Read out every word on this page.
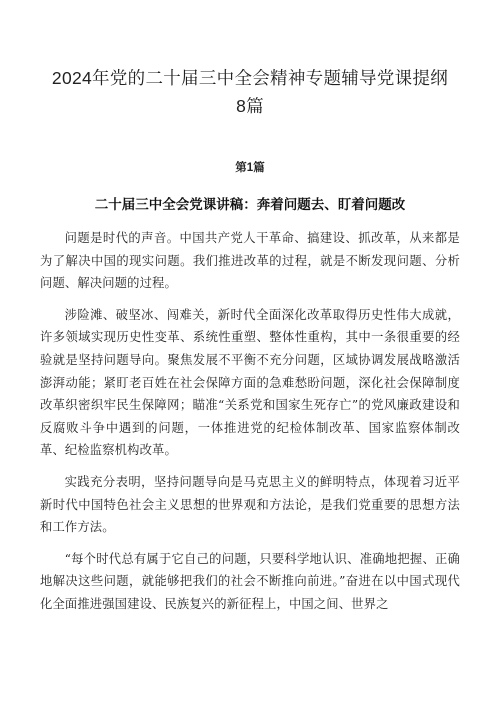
2024年党的二十届三中全会精神专题辅导党课提纲
8篇
第1篇
二十届三中全会党课讲稿：奔着问题去、盯着问题改

问题是时代的声音。中国共产党人干革命、搞建设、抓改革，从来都是为了解决中国的现实问题。我们推进改革的过程，就是不断发现问题、分析问题、解决问题的过程。

涉险滩、破坚冰、闯难关，新时代全面深化改革取得历史性伟大成就，许多领域实现历史性变革、系统性重塑、整体性重构，其中一条很重要的经验就是坚持问题导向。聚焦发展不平衡不充分问题，区域协调发展战略激活澎湃动能；紧盯老百姓在社会保障方面的急难愁盼问题，深化社会保障制度改革织密织牢民生保障网；瞄准“关系党和国家生死存亡”的党风廉政建设和反腐败斗争中遇到的问题，一体推进党的纪检体制改革、国家监察体制改革、纪检监察机构改革。

实践充分表明，坚持问题导向是马克思主义的鲜明特点，体现着习近平新时代中国特色社会主义思想的世界观和方法论，是我们党重要的思想方法和工作方法。

“每个时代总有属于它自己的问题，只要科学地认识、准确地把握、正确地解决这些问题，就能够把我们的社会不断推向前进。”奋进在以中国式现代化全面推进强国建设、民族复兴的新征程上，中国之间、世界之
